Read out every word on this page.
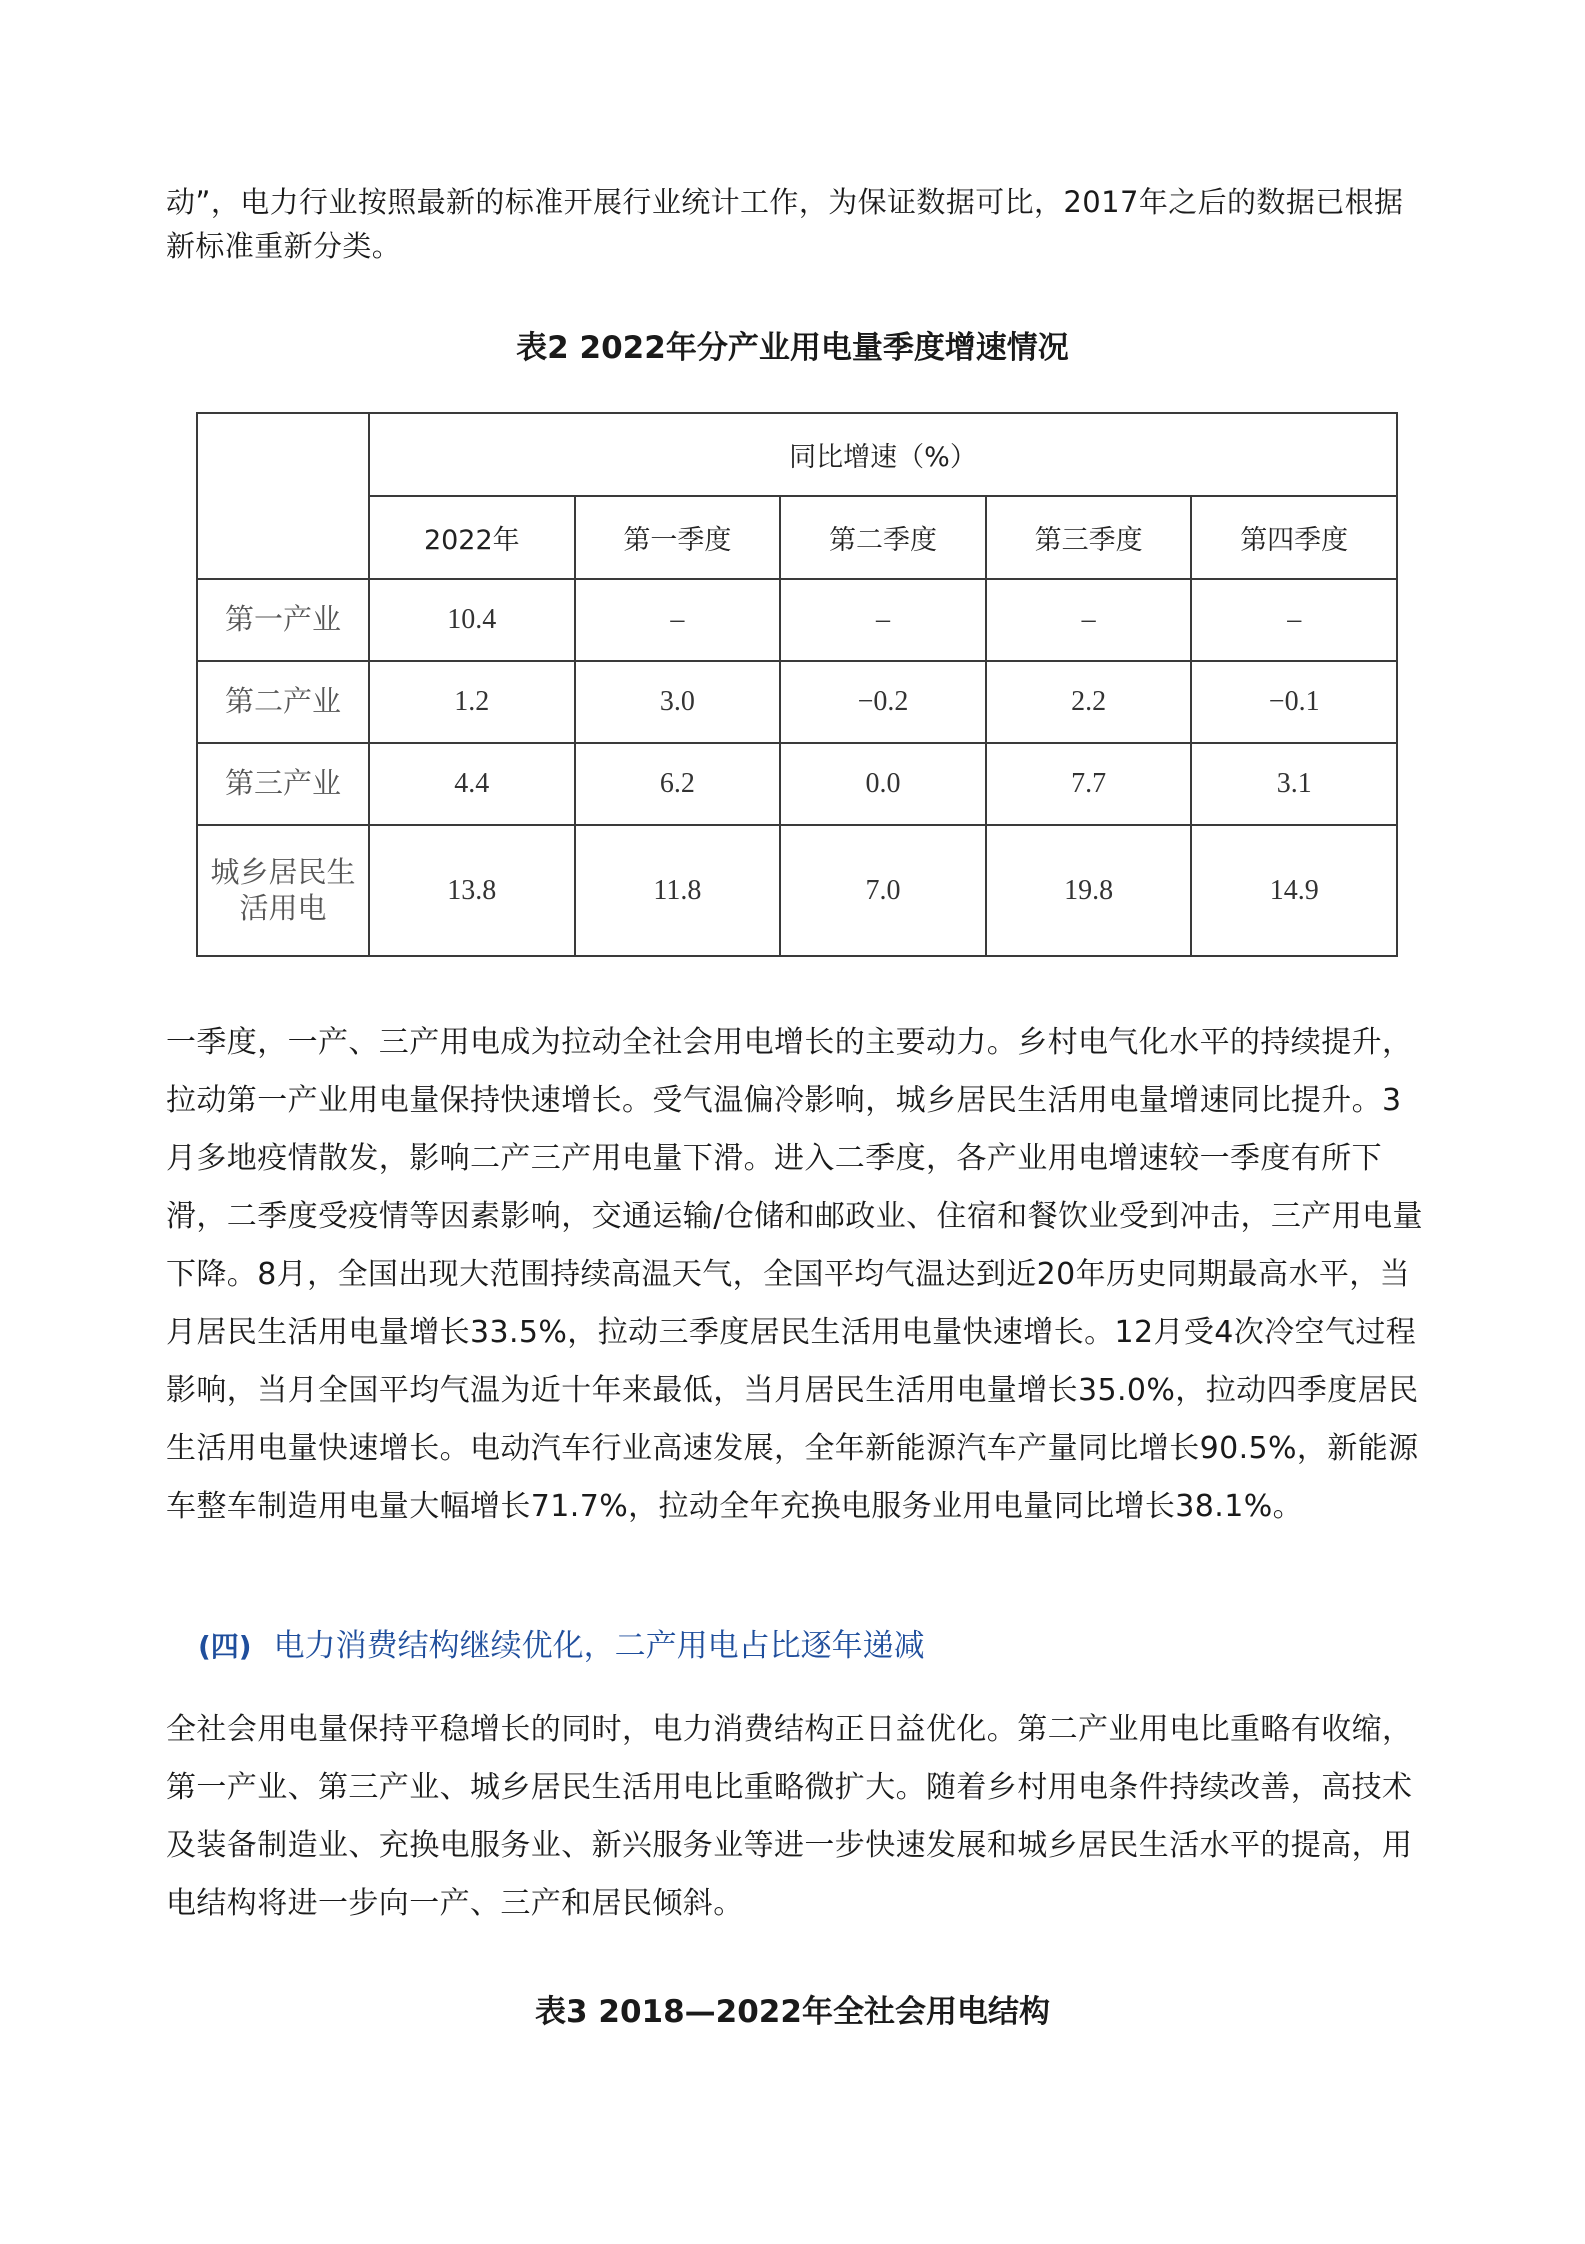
动”，电力行业按照最新的标准开展行业统计工作，为保证数据可比，2017年之后的数据已根据新标准重新分类。

表2 2022年分产业用电量季度增速情况

	同比增速（%）				
	2022年	第一季度	第二季度	第三季度	第四季度
第一产业	10.4	–	–	–	–
第二产业	1.2	3.0	−0.2	2.2	−0.1
第三产业	4.4	6.2	0.0	7.7	3.1
城乡居民生活用电	13.8	11.8	7.0	19.8	14.9

一季度，一产、三产用电成为拉动全社会用电增长的主要动力。乡村电气化水平的持续提升，拉动第一产业用电量保持快速增长。受气温偏冷影响，城乡居民生活用电量增速同比提升。3月多地疫情散发，影响二产三产用电量下滑。进入二季度，各产业用电增速较一季度有所下滑，二季度受疫情等因素影响，交通运输/仓储和邮政业、住宿和餐饮业受到冲击，三产用电量下降。8月，全国出现大范围持续高温天气，全国平均气温达到近20年历史同期最高水平，当月居民生活用电量增长33.5%，拉动三季度居民生活用电量快速增长。12月受4次冷空气过程影响，当月全国平均气温为近十年来最低，当月居民生活用电量增长35.0%，拉动四季度居民生活用电量快速增长。电动汽车行业高速发展，全年新能源汽车产量同比增长90.5%，新能源车整车制造用电量大幅增长71.7%，拉动全年充换电服务业用电量同比增长38.1%。

(四) 电力消费结构继续优化，二产用电占比逐年递减

全社会用电量保持平稳增长的同时，电力消费结构正日益优化。第二产业用电比重略有收缩，第一产业、第三产业、城乡居民生活用电比重略微扩大。随着乡村用电条件持续改善，高技术及装备制造业、充换电服务业、新兴服务业等进一步快速发展和城乡居民生活水平的提高，用电结构将进一步向一产、三产和居民倾斜。

表3 2018—2022年全社会用电结构
